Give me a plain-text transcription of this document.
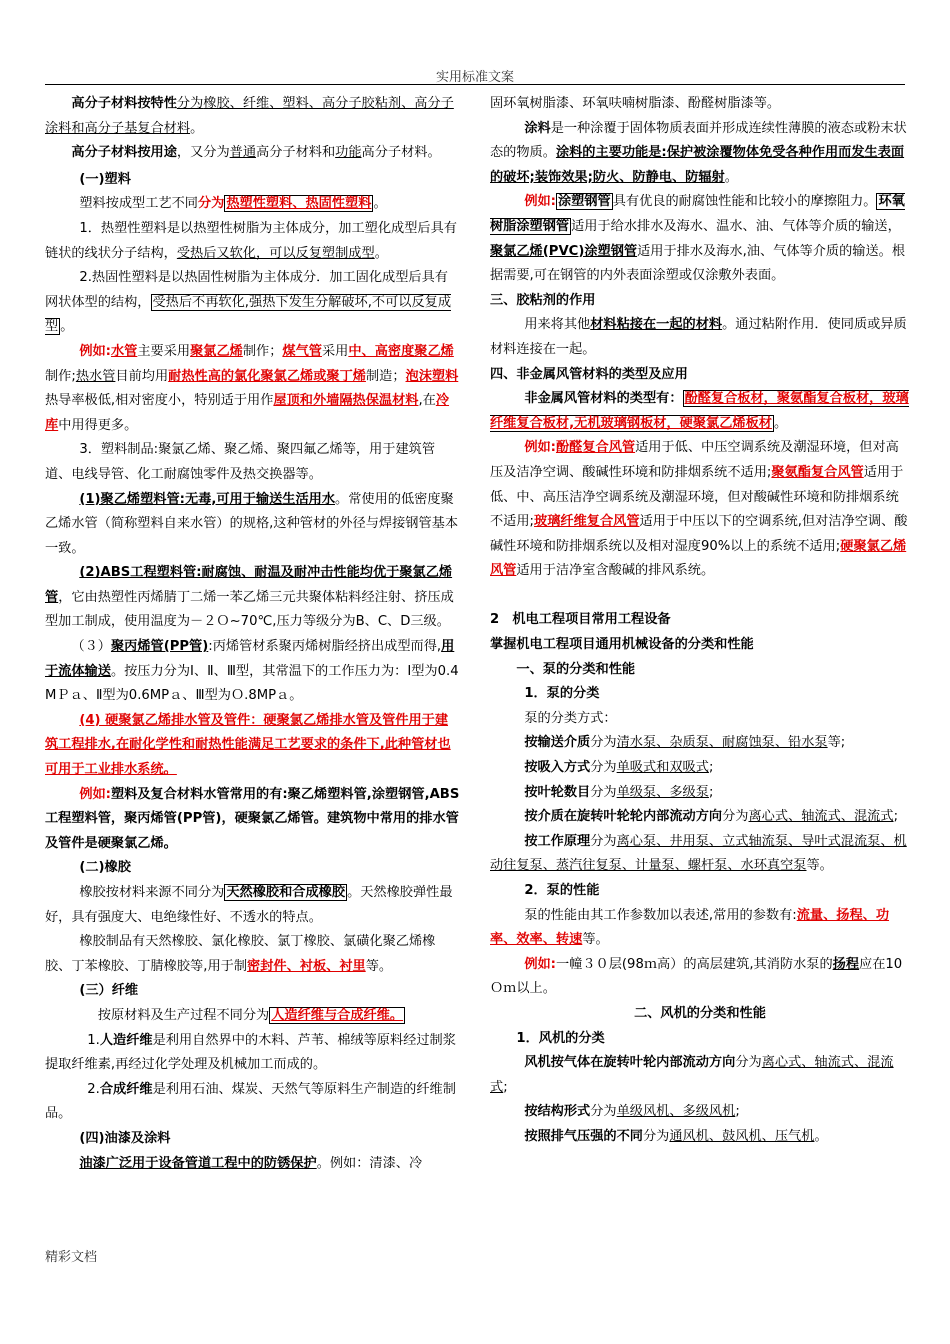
实用标准文案

高分子材料按特性分为橡胶、纤维、塑料、高分子胶粘剂、高分子涂料和高分子基复合材料。

高分子材料按用途，又分为普通高分子材料和功能高分子材料。

(一)塑料

塑料按成型工艺不同分为 热塑性塑料、热固性塑料 。

1．热塑性塑料是以热塑性树脂为主体成分，加工塑化成型后具有链状的线状分子结构，受热后又软化，可以反复塑制成型。

2.热固性塑料是以热固性树脂为主体成分．加工固化成型后具有网状体型的结构， 受热后不再软化,强热下发生分解破坏,不可以反复成型 。

例如:水管主要采用聚氯乙烯制作；煤气管采用中、高密度聚乙烯制作;热水管目前均用耐热性高的氯化聚氯乙烯或聚丁烯制造；泡沫塑料热导率极低,相对密度小，特别适于用作屋顶和外墙隔热保温材料,在冷库中用得更多。

3．塑料制品:聚氯乙烯、聚乙烯、聚四氟乙烯等，用于建筑管道、电线导管、化工耐腐蚀零件及热交换器等。

(1)聚乙烯塑料管:无毒,可用于输送生活用水。常使用的低密度聚乙烯水管（简称塑料自来水管）的规格,这种管材的外径与焊接钢管基本一致。

(2)ABS工程塑料管:耐腐蚀、耐温及耐冲击性能均优于聚氯乙烯管，它由热塑性丙烯腈丁二烯一苯乙烯三元共聚体粘料经注射、挤压成型加工制成，使用温度为－２Ｏ~70℃,压力等级分为B、C、D三级。

（３）聚丙烯管(PP管):丙烯管材系聚丙烯树脂经挤出成型而得,用于流体输送。按压力分为Ⅰ、Ⅱ、Ⅲ型，其常温下的工作压力为：Ⅰ型为0.4MＰａ、Ⅱ型为0.6MPａ、Ⅲ型为Ｏ.8MPａ。

(4) 硬聚氯乙烯排水管及管件：硬聚氯乙烯排水管及管件用于建筑工程排水,在耐化学性和耐热性能满足工艺要求的条件下,此种管材也可用于工业排水系统。

例如:塑料及复合材料水管常用的有:聚乙烯塑料管,涂塑钢管,ABS工程塑料管，聚丙烯管(PP管)，硬聚氯乙烯管。建筑物中常用的排水管及管件是硬聚氯乙烯。

(二)橡胶

橡胶按材料来源不同分为 天然橡胶和合成橡胶 。天然橡胶弹性最好，具有强度大、电绝缘性好、不透水的特点。

橡胶制品有天然橡胶、氯化橡胶、氯丁橡胶、氯磺化聚乙烯橡胶、丁苯橡胶、丁腈橡胶等,用于制密封件、衬板、衬里等。

(三）纤维

按原材料及生产过程不同分为 人造纤维与合成纤维。

1.人造纤维是利用自然界中的木料、芦苇、棉绒等原料经过制浆提取纤维素,再经过化学处理及机械加工而成的。

2.合成纤维是利用石油、煤炭、天然气等原料生产制造的纤维制品。

(四)油漆及涂料

油漆广泛用于设备管道工程中的防锈保护。例如：清漆、冷

固环氧树脂漆、环氧呋喃树脂漆、酚醛树脂漆等。

涂料是一种涂覆于固体物质表面并形成连续性薄膜的液态或粉末状态的物质。涂料的主要功能是:保护被涂覆物体免受各种作用而发生表面的破坏;装饰效果;防火、防静电、防辐射。

例如: 涂塑钢管 具有优良的耐腐蚀性能和比较小的摩擦阻力。 环氧树脂涂塑钢管 适用于给水排水及海水、温水、油、气体等介质的输送，聚氯乙烯(PVC)涂塑钢管适用于排水及海水,油、气体等介质的输送。根据需要,可在钢管的内外表面涂塑或仅涂敷外表面。

三、胶粘剂的作用

用来将其他材料粘接在一起的材料。通过粘附作用．使同质或异质材料连接在一起。

四、非金属风管材料的类型及应用

非金属风管材料的类型有： 酚醛复合板材，聚氨酯复合板材，玻璃纤维复合板材,无机玻璃钢板材，硬聚氯乙烯板材 。

例如:酚醛复合风管适用于低、中压空调系统及潮湿环境，但对高压及洁净空调、酸碱性环境和防排烟系统不适用;聚氨酯复合风管适用于低、中、高压洁净空调系统及潮湿环境，但对酸碱性环境和防排烟系统不适用;玻璃纤维复合风管适用于中压以下的空调系统,但对洁净空调、酸碱性环境和防排烟系统以及相对湿度90%以上的系统不适用;硬聚氯乙烯风管适用于洁净室含酸碱的排风系统。

2　机电工程项目常用工程设备

掌握机电工程项目通用机械设备的分类和性能

一、泵的分类和性能

1．泵的分类

泵的分类方式：

按输送介质分为清水泵、杂质泵、耐腐蚀泵、铅水泵等;

按吸入方式分为单吸式和双吸式;

按叶轮数目分为单级泵、多级泵;

按介质在旋转叶轮轮内部流动方向分为离心式、轴流式、混流式;

按工作原理分为离心泵、井用泵、立式轴流泵、导叶式混流泵、机动往复泵、蒸汽往复泵、计量泵、螺杆泵、水环真空泵等。

2．泵的性能

泵的性能由其工作参数加以表述,常用的参数有:流量、扬程、功率、效率、转速等。

例如:一幢３０层(98ｍ高）的高层建筑,其消防水泵的扬程应在10Ｏｍ以上。

二、风机的分类和性能

1．风机的分类

风机按气体在旋转叶轮内部流动方向分为离心式、轴流式、混流式;

按结构形式分为单级风机、多级风机;

按照排气压强的不同分为通风机、鼓风机、压气机。

精彩文档
